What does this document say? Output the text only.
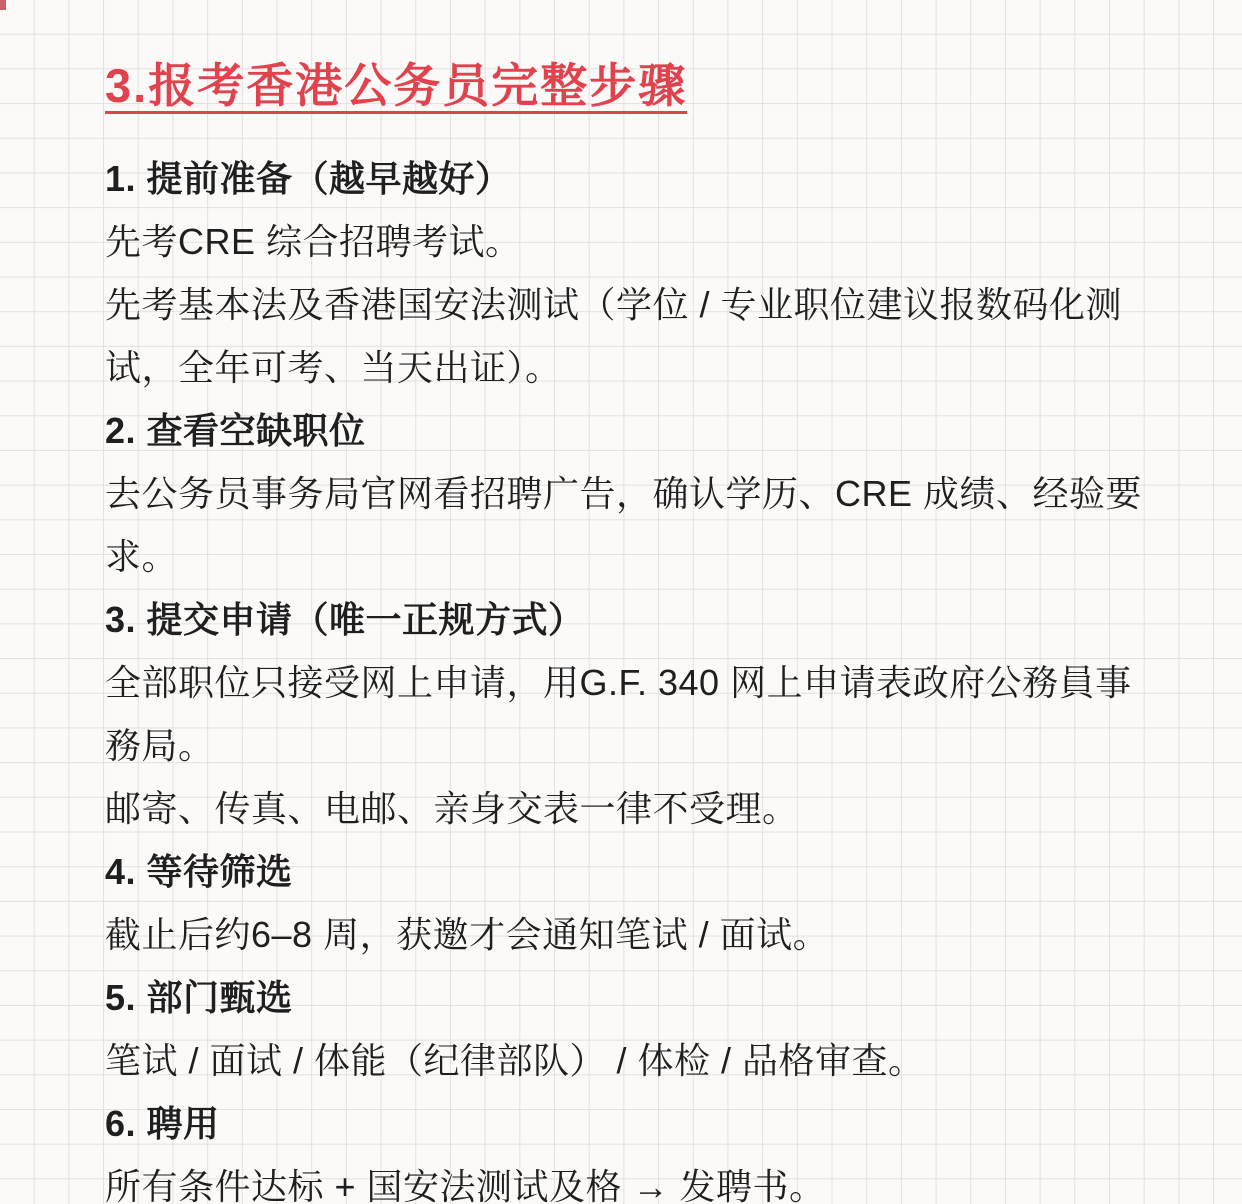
3.报考香港公务员完整步骤
1. 提前准备（越早越好）

先考CRE 综合招聘考试。

先考基本法及香港国安法测试（学位 / 专业职位建议报数码化测试，全年可考、当天出证）。

2. 查看空缺职位

去公务员事务局官网看招聘广告，确认学历、CRE 成绩、经验要求。

3. 提交申请（唯一正规方式）

全部职位只接受网上申请，用G.F. 340 网上申请表政府公務員事務局。

邮寄、传真、电邮、亲身交表一律不受理。

4. 等待筛选

截止后约6–8 周，获邀才会通知笔试 / 面试。

5. 部门甄选

笔试 / 面试 / 体能（纪律部队） / 体检 / 品格审查。

6. 聘用

所有条件达标 + 国安法测试及格 → 发聘书。
